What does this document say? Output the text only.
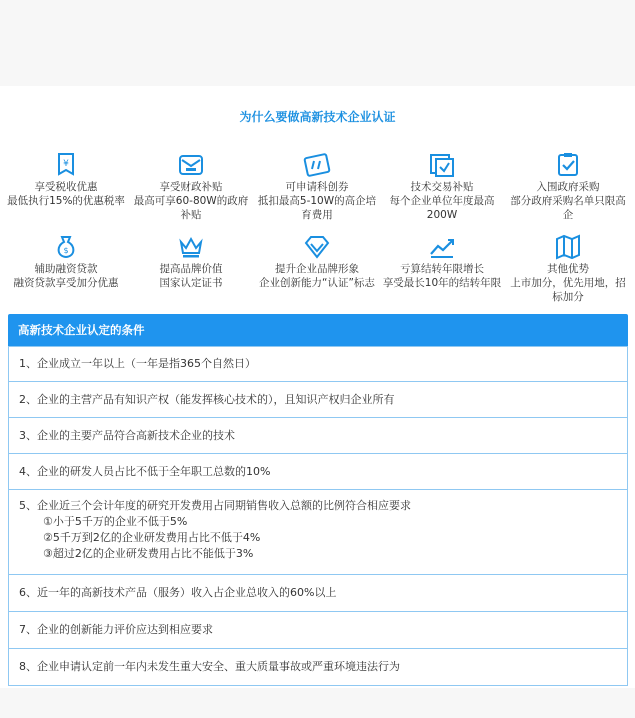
为什么要做高新技术企业认证
¥
享受税收优惠
最低执行15%的优惠税率
享受财政补贴
最高可享60-80W的政府补贴
可申请科创券
抵扣最高5-10W的高企培育费用
技术交易补贴
每个企业单位年度最高200W
入围政府采购
部分政府采购名单只限高企
$
辅助融资贷款
融资贷款享受加分优惠
提高品牌价值
国家认定证书
提升企业品牌形象
企业创新能力“认证”标志
亏算结转年限增长
享受最长10年的结转年限
其他优势
上市加分，优先用地，招标加分
高新技术企业认定的条件
1、企业成立一年以上（一年是指365个自然日）
2、企业的主营产品有知识产权（能发挥核心技术的），且知识产权归企业所有
3、企业的主要产品符合高新技术企业的技术
4、企业的研发人员占比不低于全年职工总数的10%
5、企业近三个会计年度的研究开发费用占同期销售收入总额的比例符合相应要求
①小于5千万的企业不低于5%
②5千万到2亿的企业研发费用占比不低于4%
③超过2亿的企业研发费用占比不能低于3%
6、近一年的高新技术产品（服务）收入占企业总收入的60%以上
7、企业的创新能力评价应达到相应要求
8、企业申请认定前一年内未发生重大安全、重大质量事故或严重环境违法行为
